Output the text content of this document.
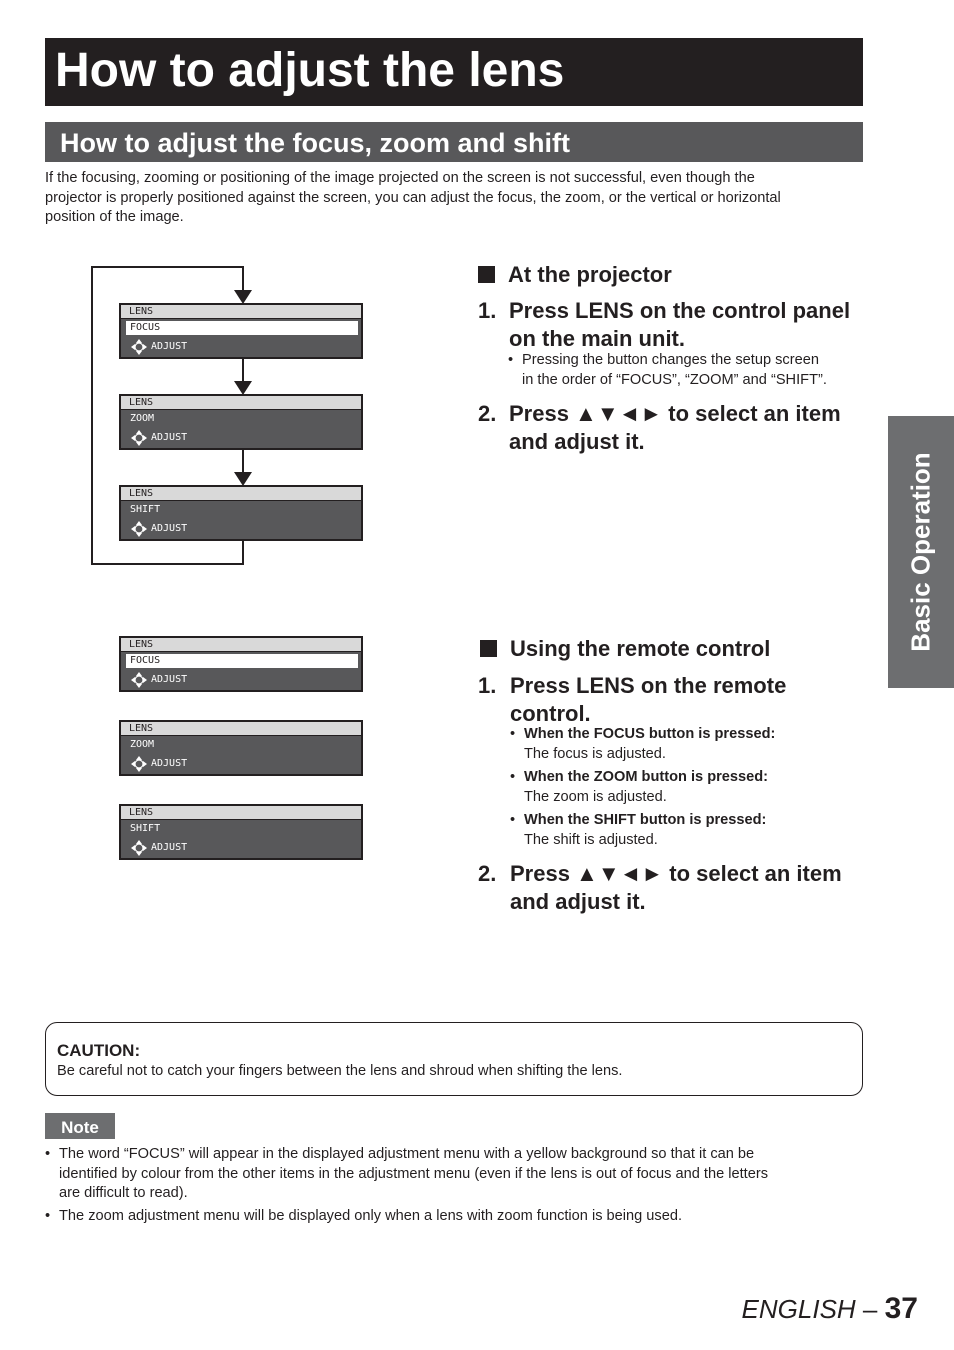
How to adjust the lens
How to adjust the focus, zoom and shift
If the focusing, zooming or positioning of the image projected on the screen is not successful, even though the
projector is properly positioned against the screen, you can adjust the focus, the zoom, or the vertical or horizontal
position of the image.
LENS
FOCUS
ADJUST
LENS
ZOOM
ADJUST
LENS
SHIFT
ADJUST
LENS
FOCUS
ADJUST
LENS
ZOOM
ADJUST
LENS
SHIFT
ADJUST
At the projector
1. Press LENS on the control panel
on the main unit.
• Pressing the button changes the setup screen
in the order of “FOCUS”, “ZOOM” and “SHIFT”.
2. Press ▲▼◄► to select an item
and adjust it.
Using the remote control
1. Press LENS on the remote
control.
• When the FOCUS button is pressed:
The focus is adjusted.
• When the ZOOM button is pressed:
The zoom is adjusted.
• When the SHIFT button is pressed:
The shift is adjusted.
2. Press ▲▼◄► to select an item
and adjust it.
Basic Operation
CAUTION:
Be careful not to catch your fingers between the lens and shroud when shifting the lens.
Note
• The word “FOCUS” will appear in the displayed adjustment menu with a yellow background so that it can be
identified by colour from the other items in the adjustment menu (even if the lens is out of focus and the letters
are difficult to read).
• The zoom adjustment menu will be displayed only when a lens with zoom function is being used.
ENGLISH – 37
